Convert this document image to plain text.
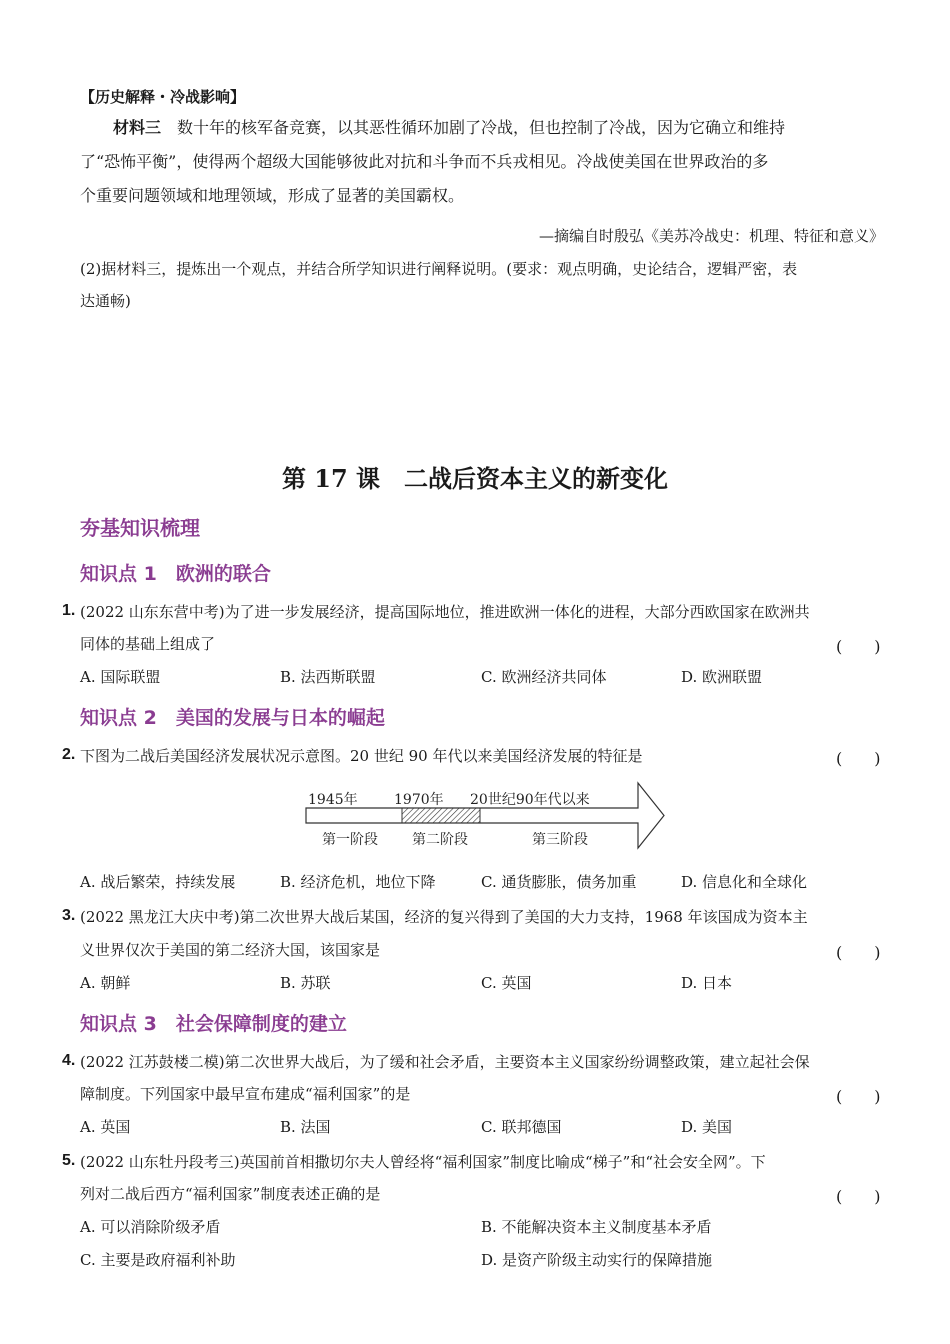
【历史解释・冷战影响】
材料三　 数十年的核军备竞赛，以其恶性循环加剧了冷战，但也控制了冷战，因为它确立和维持
了“恐怖平衡”，使得两个超级大国能够彼此对抗和斗争而不兵戎相见。冷战使美国在世界政治的多
个重要问题领域和地理领域，形成了显著的美国霸权。
—摘编自时殷弘《美苏冷战史：机理、特征和意义》
(2)据材料三，提炼出一个观点，并结合所学知识进行阐释说明。(要求：观点明确，史论结合，逻辑严密，表
达通畅)
第 17 课　二战后资本主义的新变化
夯基知识梳理
知识点 1　欧洲的联合
1. (2022 山东东营中考)为了进一步发展经济，提高国际地位，推进欧洲一体化的进程，大部分西欧国家在欧洲共
同体的基础上组成了	(　　)
A. 国际联盟	B. 法西斯联盟	C. 欧洲经济共同体	D. 欧洲联盟
知识点 2　美国的发展与日本的崛起
2. 下图为二战后美国经济发展状况示意图。20 世纪 90 年代以来美国经济发展的特征是	(　　)
1945年	1970年 20世纪90年代以来
第一阶段 第二阶段	第三阶段
A. 战后繁荣，持续发展	B. 经济危机，地位下降	C. 通货膨胀，债务加重	D. 信息化和全球化
3. (2022 黑龙江大庆中考)第二次世界大战后某国，经济的复兴得到了美国的大力支持，1968 年该国成为资本主
义世界仅次于美国的第二经济大国，该国家是	(　　)
A. 朝鲜	B. 苏联	C. 英国	D. 日本
知识点 3　社会保障制度的建立
4. (2022 江苏鼓楼二模)第二次世界大战后，为了缓和社会矛盾，主要资本主义国家纷纷调整政策，建立起社会保
障制度。下列国家中最早宣布建成“福利国家”的是	(　　)
A. 英国	B. 法国	C. 联邦德国	D. 美国
5. (2022 山东牡丹段考三)英国前首相撒切尔夫人曾经将“福利国家”制度比喻成“梯子”和“社会安全网”。下
列对二战后西方“福利国家”制度表述正确的是	(　　)
A. 可以消除阶级矛盾	B. 不能解决资本主义制度基本矛盾
C. 主要是政府福利补助	D. 是资产阶级主动实行的保障措施
